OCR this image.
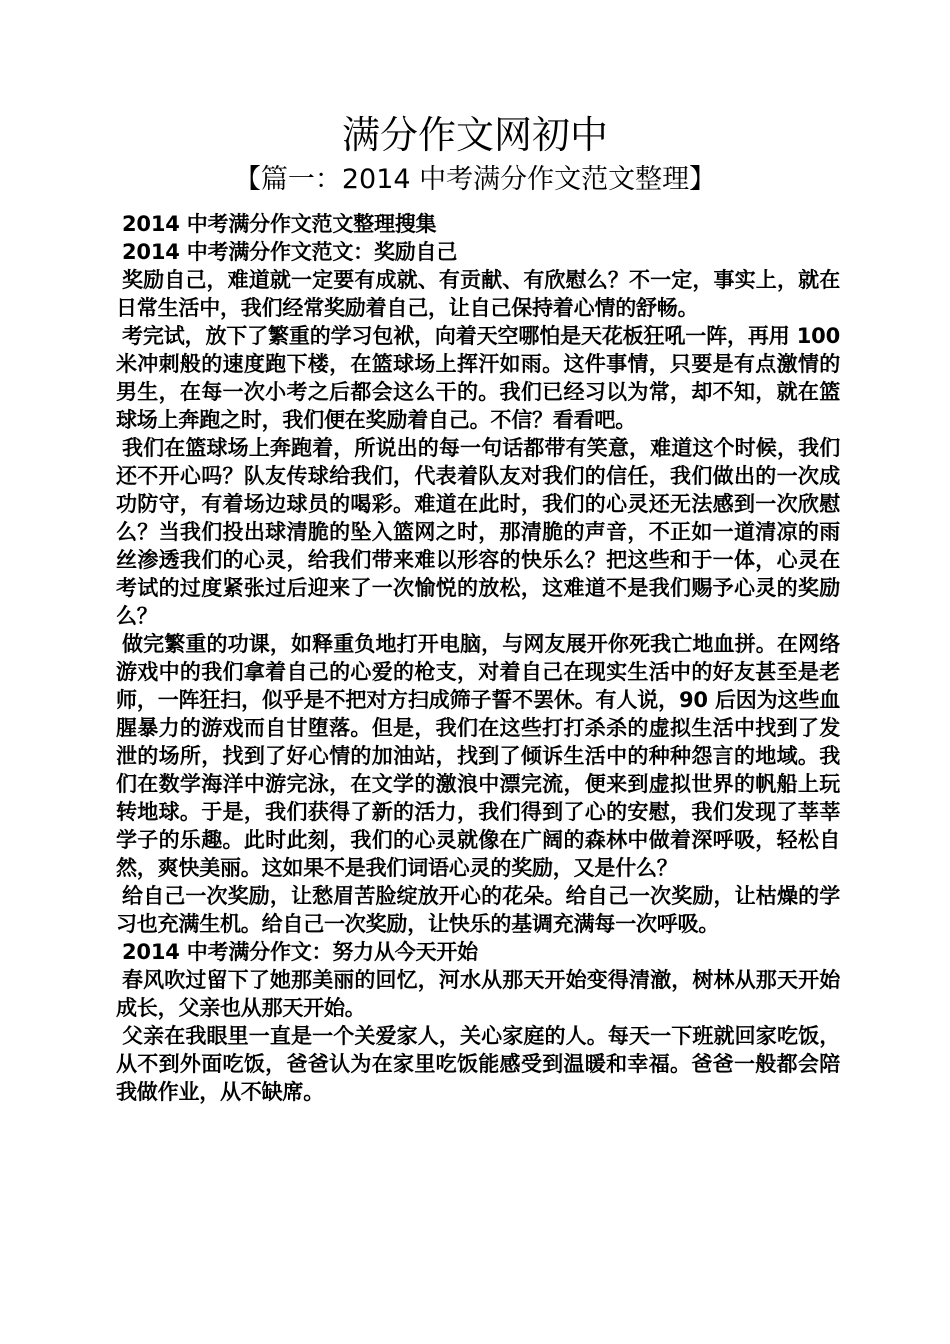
满分作文网初中
【篇一：2014 中考满分作文范文整理】

2014 中考满分作文范文整理搜集

2014 中考满分作文范文：奖励自己

奖励自己，难道就一定要有成就、有贡献、有欣慰么？不一定，事实上，就在日常生活中，我们经常奖励着自己，让自己保持着心情的舒畅。

考完试，放下了繁重的学习包袱，向着天空哪怕是天花板狂吼一阵，再用 100 米冲刺般的速度跑下楼，在篮球场上挥汗如雨。这件事情，只要是有点激情的男生，在每一次小考之后都会这么干的。我们已经习以为常，却不知，就在篮球场上奔跑之时，我们便在奖励着自己。不信？看看吧。

我们在篮球场上奔跑着，所说出的每一句话都带有笑意，难道这个时候，我们还不开心吗？队友传球给我们，代表着队友对我们的信任，我们做出的一次成功防守，有着场边球员的喝彩。难道在此时，我们的心灵还无法感到一次欣慰么？当我们投出球清脆的坠入篮网之时，那清脆的声音，不正如一道清凉的雨丝渗透我们的心灵，给我们带来难以形容的快乐么？把这些和于一体，心灵在考试的过度紧张过后迎来了一次愉悦的放松，这难道不是我们赐予心灵的奖励么？

做完繁重的功课，如释重负地打开电脑，与网友展开你死我亡地血拼。在网络游戏中的我们拿着自己的心爱的枪支，对着自己在现实生活中的好友甚至是老师，一阵狂扫，似乎是不把对方扫成筛子誓不罢休。有人说，90 后因为这些血腥暴力的游戏而自甘堕落。但是，我们在这些打打杀杀的虚拟生活中找到了发泄的场所，找到了好心情的加油站，找到了倾诉生活中的种种怨言的地域。我们在数学海洋中游完泳，在文学的激浪中漂完流，便来到虚拟世界的帆船上玩转地球。于是，我们获得了新的活力，我们得到了心的安慰，我们发现了莘莘学子的乐趣。此时此刻，我们的心灵就像在广阔的森林中做着深呼吸，轻松自然，爽快美丽。这如果不是我们词语心灵的奖励，又是什么？

给自己一次奖励，让愁眉苦脸绽放开心的花朵。给自己一次奖励，让枯燥的学习也充满生机。给自己一次奖励，让快乐的基调充满每一次呼吸。

2014 中考满分作文：努力从今天开始

春风吹过留下了她那美丽的回忆，河水从那天开始变得清澈，树林从那天开始成长，父亲也从那天开始。

父亲在我眼里一直是一个关爱家人，关心家庭的人。每天一下班就回家吃饭，从不到外面吃饭，爸爸认为在家里吃饭能感受到温暖和幸福。爸爸一般都会陪我做作业，从不缺席。
